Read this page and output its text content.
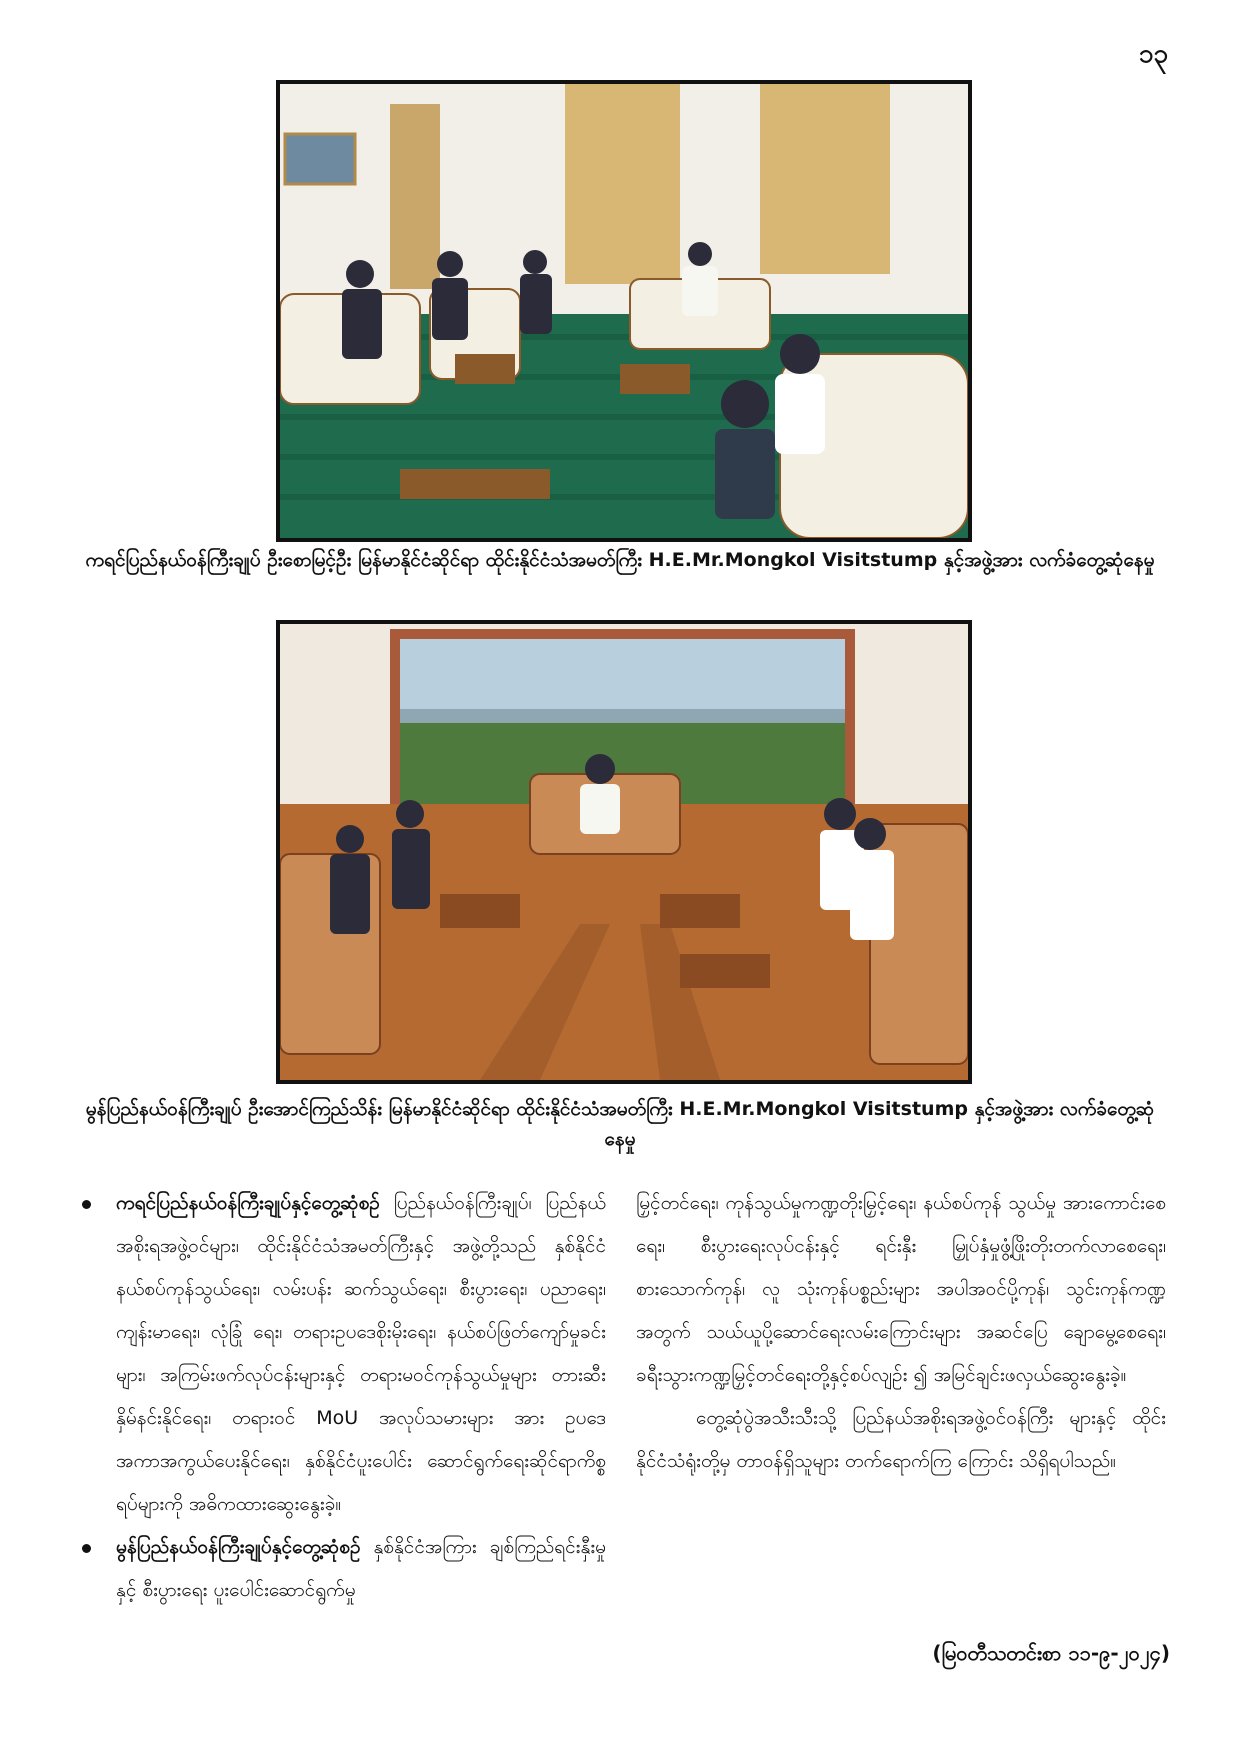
၁၃
ကရင်ပြည်နယ်ဝန်ကြီးချုပ် ဦးစောမြင့်ဦး မြန်မာနိုင်ငံဆိုင်ရာ ထိုင်းနိုင်ငံသံအမတ်ကြီး H.E.Mr.Mongkol Visitstump နှင့်အဖွဲ့အား လက်ခံတွေ့ဆုံနေမှု
မွန်ပြည်နယ်ဝန်ကြီးချုပ် ဦးအောင်ကြည်သိန်း မြန်မာနိုင်ငံဆိုင်ရာ ထိုင်းနိုင်ငံသံအမတ်ကြီး H.E.Mr.Mongkol Visitstump နှင့်အဖွဲ့အား လက်ခံတွေ့ဆုံနေမှု

ကရင်ပြည်နယ်ဝန်ကြီးချုပ်နှင့်တွေ့ဆုံစဉ် ပြည်နယ်ဝန်ကြီးချုပ်၊ ပြည်နယ်အစိုးရအဖွဲ့ဝင်များ၊ ထိုင်းနိုင်ငံသံအမတ်ကြီးနှင့် အဖွဲ့တို့သည် နှစ်နိုင်ငံနယ်စပ်ကုန်သွယ်ရေး၊ လမ်းပန်း ဆက်သွယ်ရေး၊ စီးပွားရေး၊ ပညာရေး၊ ကျန်းမာရေး၊ လုံခြုံ ရေး၊ တရားဥပဒေစိုးမိုးရေး၊ နယ်စပ်ဖြတ်ကျော်မှုခင်းများ၊ အကြမ်းဖက်လုပ်ငန်းများနှင့် တရားမဝင်ကုန်သွယ်မှုများ တားဆီးနှိမ်နင်းနိုင်ရေး၊ တရားဝင် MoU အလုပ်သမားများ အား ဥပဒေအကာအကွယ်ပေးနိုင်ရေး၊ နှစ်နိုင်ငံပူးပေါင်း ဆောင်ရွက်ရေးဆိုင်ရာကိစ္စရပ်များကို အဓိကထားဆွေးနွေးခဲ့။

မွန်ပြည်နယ်ဝန်ကြီးချုပ်နှင့်တွေ့ဆုံစဉ် နှစ်နိုင်ငံအကြား ချစ်ကြည်ရင်းနှီးမှုနှင့် စီးပွားရေး ပူးပေါင်းဆောင်ရွက်မှု

မြှင့်တင်ရေး၊ ကုန်သွယ်မှုကဏ္ဍတိုးမြှင့်ရေး၊ နယ်စပ်ကုန် သွယ်မှု အားကောင်းစေရေး၊ စီးပွားရေးလုပ်ငန်းနှင့် ရင်းနှီး မြှုပ်နှံမှုဖွံ့ဖြိုးတိုးတက်လာစေရေး၊ စားသောက်ကုန်၊ လူ သုံးကုန်ပစ္စည်းများ အပါအဝင်ပို့ကုန်၊ သွင်းကုန်ကဏ္ဍ အတွက် သယ်ယူပို့ဆောင်ရေးလမ်းကြောင်းများ အဆင်ပြေ ချောမွေ့စေရေး၊ ခရီးသွားကဏ္ဍမြှင့်တင်ရေးတို့နှင့်စပ်လျဉ်း ၍ အမြင်ချင်းဖလှယ်ဆွေးနွေးခဲ့။

တွေ့ဆုံပွဲအသီးသီးသို့ ပြည်နယ်အစိုးရအဖွဲ့ဝင်ဝန်ကြီး များနှင့် ထိုင်းနိုင်ငံသံရုံးတို့မှ တာဝန်ရှိသူများ တက်ရောက်ကြ ကြောင်း သိရှိရပါသည်။

(မြဝတီသတင်းစာ ၁၁-၉-၂၀၂၄)
